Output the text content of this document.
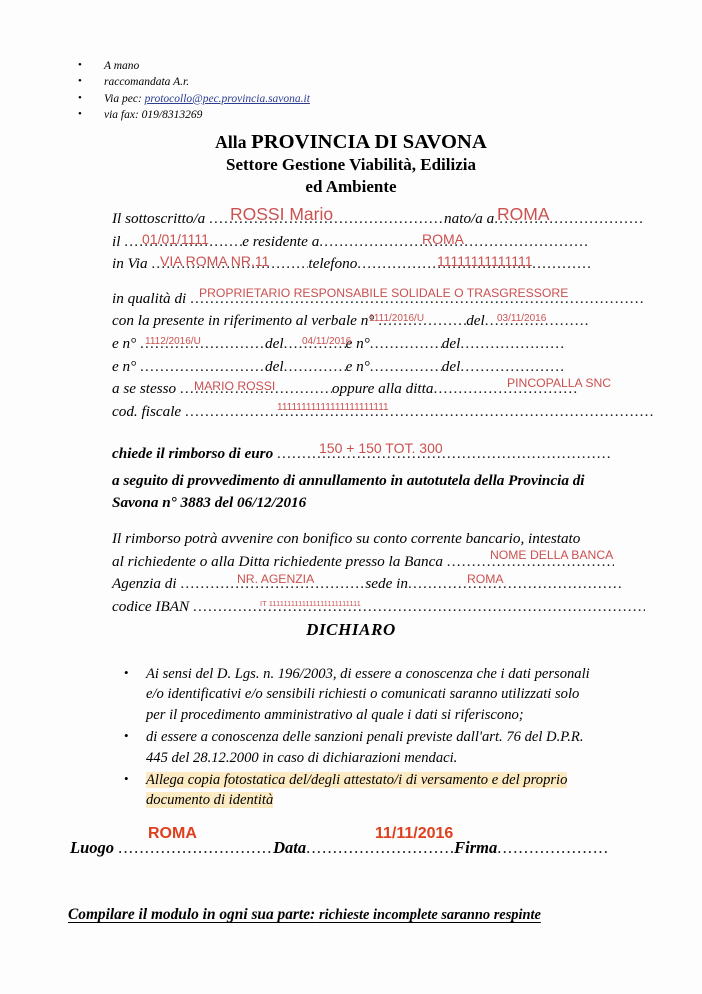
• A mano
• raccomandata A.r.
• Via pec: protocollo@pec.provincia.savona.it
• via fax: 019/8313269
Alla PROVINCIA DI SAVONA
Settore Gestione Viabilità, Edilizia
ed Ambiente
Il sottoscritto/a .....	nato/a a.....
ROSSI Mario	ROMA
il .....	e residente a.....
01/01/1111	ROMA
in Via .....	telefono.....
VIA ROMA NR.11	11111111111111
in qualità di ..... PROPRIETARIO RESPONSABILE SOLIDALE O TRASGRESSORE
con la presente in riferimento al verbale n° .....	del.....
1111/2016/U	03/11/2016
e n° .....	del .....	e n° .....	del.....
1112/2016/U	04/11/2016
e n° .....	del .....	e n° .....	del.....
a se stesso .....	oppure alla ditta.....
MARIO ROSSI	PINCOPALLA SNC
cod. fiscale .....	11111111111111111111111
chiede il rimborso di euro .....	150 + 150 TOT. 300
a seguito di provvedimento di annullamento in autotutela della Provincia di
Savona n° 3883 del 06/12/2016
Il rimborso potrà avvenire con bonifico su conto corrente bancario, intestato
al richiedente o alla Ditta richiedente presso la Banca .....	NOME DELLA BANCA
Agenzia di .....	sede in.....
NR. AGENZIA	ROMA
codice IBAN .....	IT 1111111111111111111111111
DICHIARO
• Ai sensi del D. Lgs. n. 196/2003, di essere a conoscenza che i dati personali e/o identificativi e/o sensibili richiesti o comunicati saranno utilizzati solo per il procedimento amministrativo al quale i dati si riferiscono;
• di essere a conoscenza delle sanzioni penali previste dall'art. 76 del D.P.R. 445 del 28.12.2000 in caso di dichiarazioni mendaci.
• Allega copia fotostatica del/degli attestato/i di versamento e del proprio documento di identità
Luogo .....	Data .....	Firma.....
ROMA	11/11/2016
Compilare il modulo in ogni sua parte: richieste incomplete saranno respinte
